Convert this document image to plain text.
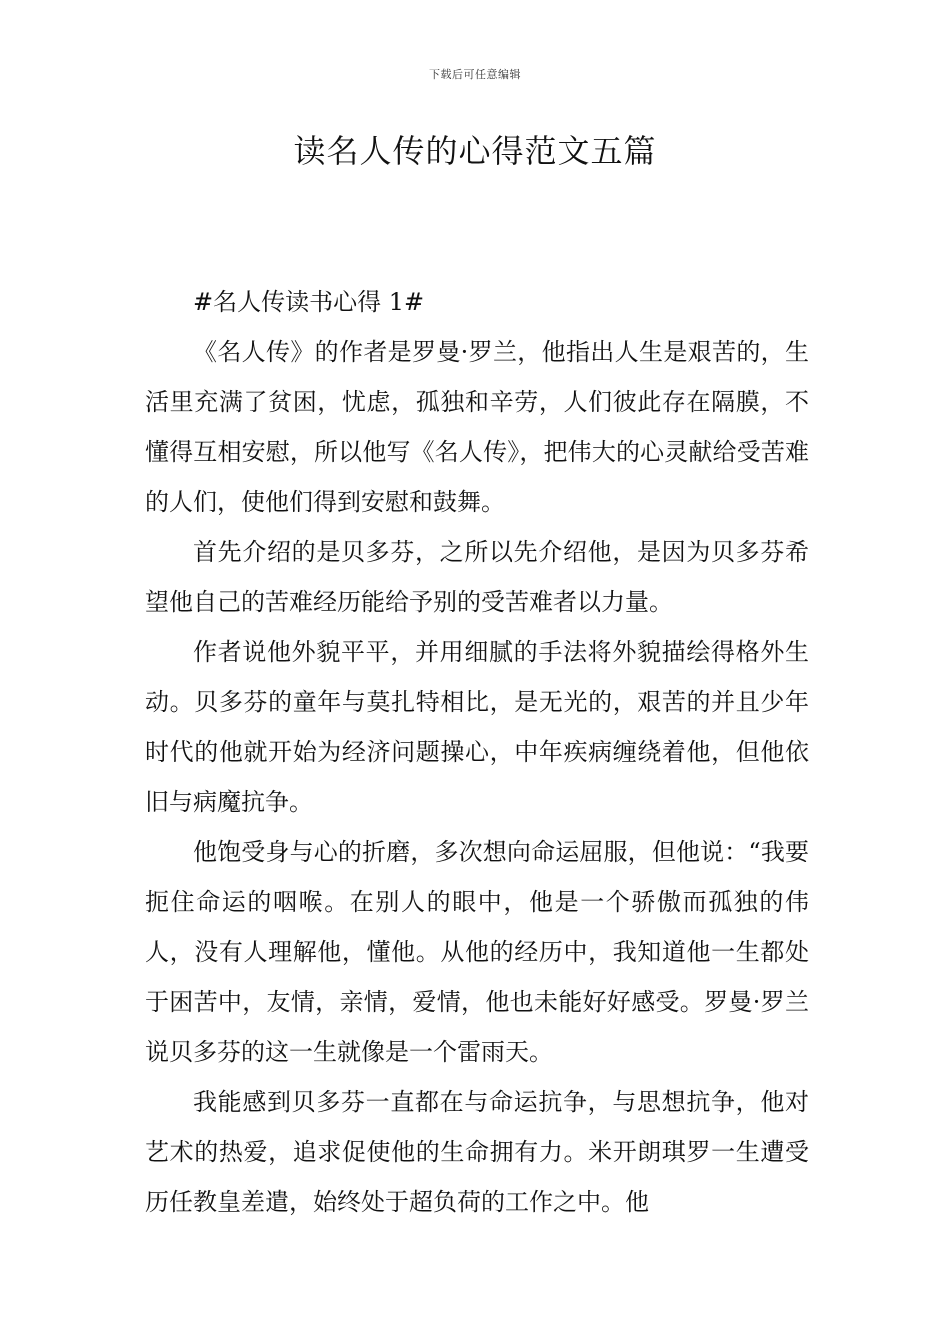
下载后可任意编辑
读名人传的心得范文五篇

#名人传读书心得 1#

《名人传》的作者是罗曼·罗兰，他指出人生是艰苦的，生活里充满了贫困，忧虑，孤独和辛劳，人们彼此存在隔膜，不懂得互相安慰，所以他写《名人传》，把伟大的心灵献给受苦难的人们，使他们得到安慰和鼓舞。

首先介绍的是贝多芬，之所以先介绍他，是因为贝多芬希望他自己的苦难经历能给予别的受苦难者以力量。

作者说他外貌平平，并用细腻的手法将外貌描绘得格外生动。贝多芬的童年与莫扎特相比，是无光的，艰苦的并且少年时代的他就开始为经济问题操心，中年疾病缠绕着他，但他依旧与病魔抗争。

他饱受身与心的折磨，多次想向命运屈服，但他说：“我要扼住命运的咽喉。在别人的眼中，他是一个骄傲而孤独的伟人，没有人理解他，懂他。从他的经历中，我知道他一生都处于困苦中，友情，亲情，爱情，他也未能好好感受。罗曼·罗兰说贝多芬的这一生就像是一个雷雨天。

我能感到贝多芬一直都在与命运抗争，与思想抗争，他对艺术的热爱，追求促使他的生命拥有力。米开朗琪罗一生遭受历任教皇差遣，始终处于超负荷的工作之中。他
